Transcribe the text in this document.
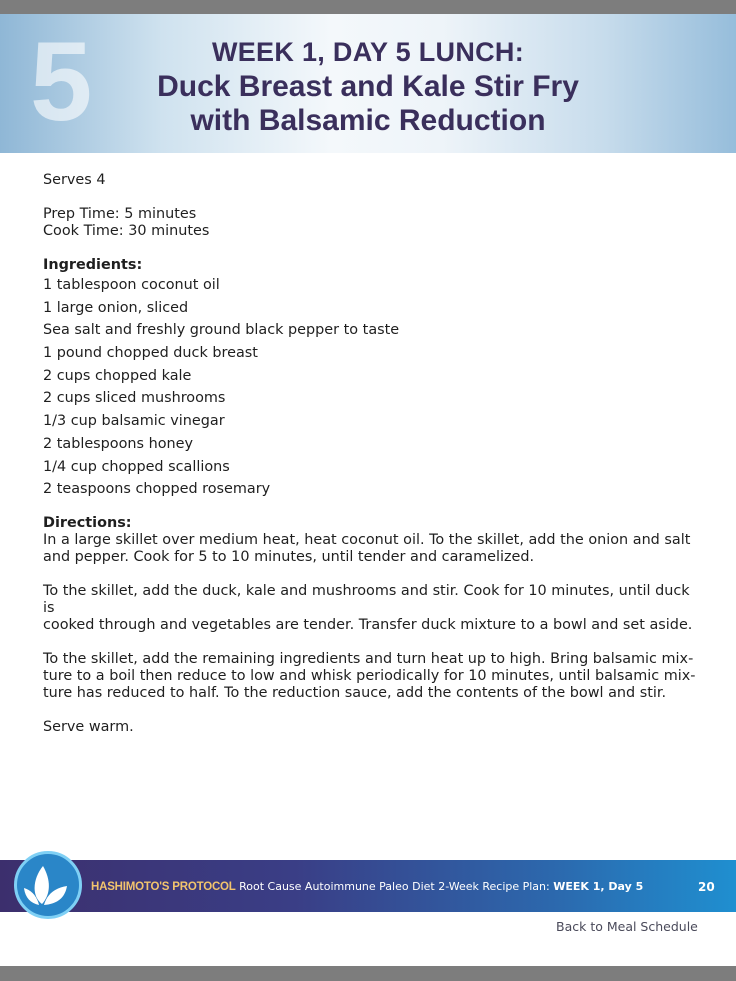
5	WEEK 1, DAY 5 LUNCH:
Duck Breast and Kale Stir Fry
with Balsamic Reduction
Serves 4
Prep Time: 5 minutes
Cook Time: 30 minutes
Ingredients:
1 tablespoon coconut oil
1 large onion, sliced
Sea salt and freshly ground black pepper to taste
1 pound chopped duck breast
2 cups chopped kale
2 cups sliced mushrooms
1/3 cup balsamic vinegar
2 tablespoons honey
1/4 cup chopped scallions
2 teaspoons chopped rosemary
Directions:

In a large skillet over medium heat, heat coconut oil. To the skillet, add the onion and salt
and pepper. Cook for 5 to 10 minutes, until tender and caramelized.

To the skillet, add the duck, kale and mushrooms and stir. Cook for 10 minutes, until duck is
cooked through and vegetables are tender. Transfer duck mixture to a bowl and set aside.

To the skillet, add the remaining ingredients and turn heat up to high. Bring balsamic mix-
ture to a boil then reduce to low and whisk periodically for 10 minutes, until balsamic mix-
ture has reduced to half. To the reduction sauce, add the contents of the bowl and stir.

Serve warm.

HASHIMOTO'S PROTOCOL Root Cause Autoimmune Paleo Diet 2-Week Recipe Plan: WEEK 1, Day 5	20
Back to Meal Schedule
